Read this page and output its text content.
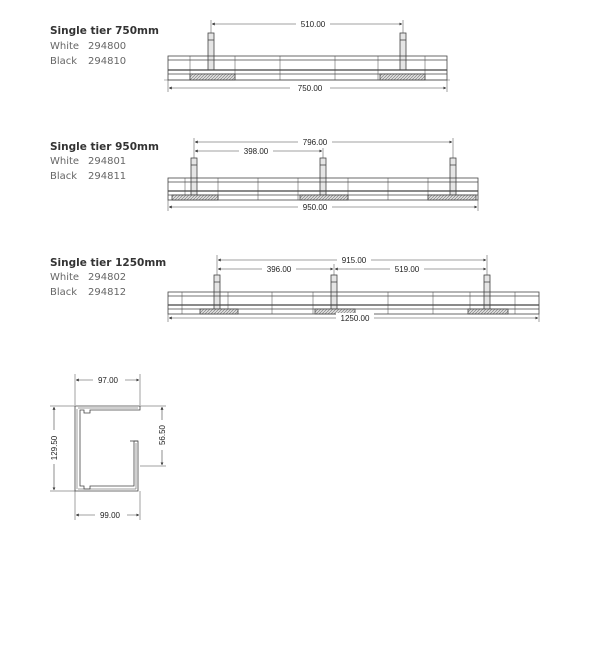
Single tier 750mm
White 294800
Black 294810
Single tier 950mm
White 294801
Black 294811
Single tier 1250mm
White 294802
Black 294812
510.00
750.00
796.00
398.00
950.00
915.00
396.00	519.00
1250.00
97.00
99.00
129.50
56.50
